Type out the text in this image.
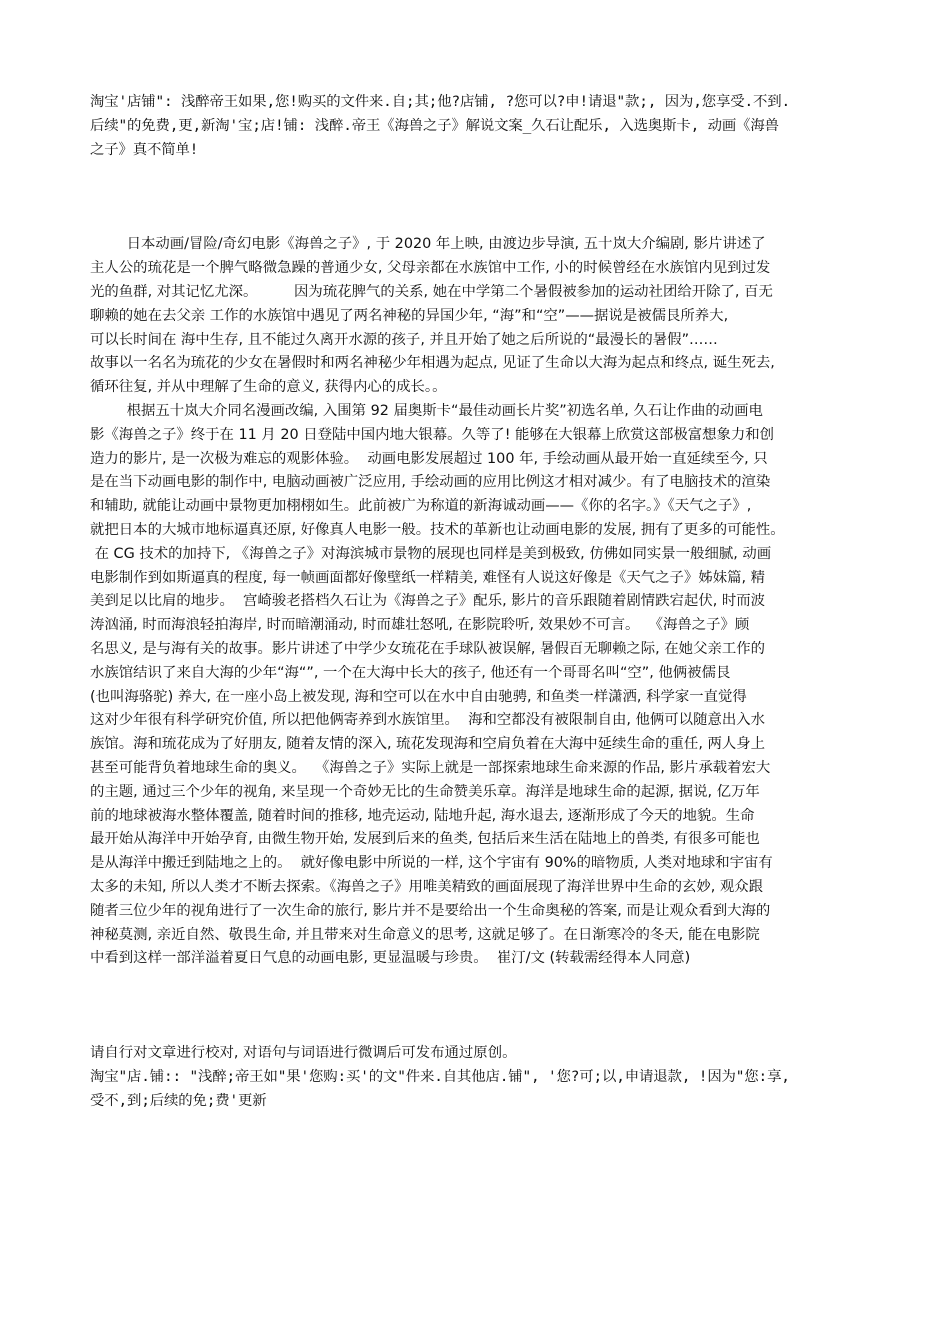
淘宝'店铺": 浅醉帝王如果,您!购买的文件来.自;其;他?店铺, ?您可以?申!请退"款;, 因为,您享受.不到.
后续"的免费,更,新淘'宝;店!铺: 浅醉.帝王《海兽之子》解说文案_久石让配乐, 入选奥斯卡, 动画《海兽
之子》真不简单!
日本动画/冒险/奇幻电影《海兽之子》, 于 2020 年上映, 由渡边步导演, 五十岚大介编剧, 影片讲述了
主人公的琉花是一个脾气略微急躁的普通少女, 父母亲都在水族馆中工作, 小的时候曾经在水族馆内见到过发
光的鱼群, 对其记忆尤深。        因为琉花脾气的关系, 她在中学第二个暑假被参加的运动社团给开除了, 百无
聊赖的她在去父亲 工作的水族馆中遇见了两名神秘的异国少年, “海”和“空”——据说是被儒艮所养大,
可以长时间在 海中生存, 且不能过久离开水源的孩子, 并且开始了她之后所说的“最漫长的暑假”……
故事以一名名为琉花的少女在暑假时和两名神秘少年相遇为起点, 见证了生命以大海为起点和终点, 诞生死去,
循环往复, 并从中理解了生命的意义, 获得内心的成长。。
根据五十岚大介同名漫画改编, 入围第 92 届奥斯卡“最佳动画长片奖”初选名单, 久石让作曲的动画电
影《海兽之子》终于在 11 月 20 日登陆中国内地大银幕。久等了! 能够在大银幕上欣赏这部极富想象力和创
造力的影片, 是一次极为难忘的观影体验。  动画电影发展超过 100 年, 手绘动画从最开始一直延续至今, 只
是在当下动画电影的制作中, 电脑动画被广泛应用, 手绘动画的应用比例这才相对减少。有了电脑技术的渲染
和辅助, 就能让动画中景物更加栩栩如生。此前被广为称道的新海诚动画——《你的名字。》《天气之子》,
就把日本的大城市地标逼真还原, 好像真人电影一般。技术的革新也让动画电影的发展, 拥有了更多的可能性。
在 CG 技术的加持下, 《海兽之子》对海滨城市景物的展现也同样是美到极致, 仿佛如同实景一般细腻, 动画
电影制作到如斯逼真的程度, 每一帧画面都好像壁纸一样精美, 难怪有人说这好像是《天气之子》姊妹篇, 精
美到足以比肩的地步。  宫崎骏老搭档久石让为《海兽之子》配乐, 影片的音乐跟随着剧情跌宕起伏, 时而波
涛汹涌, 时而海浪轻拍海岸, 时而暗潮涌动, 时而雄壮怒吼, 在影院聆听, 效果妙不可言。  《海兽之子》顾
名思义, 是与海有关的故事。影片讲述了中学少女琉花在手球队被误解, 暑假百无聊赖之际, 在她父亲工作的
水族馆结识了来自大海的少年“海“”, 一个在大海中长大的孩子, 他还有一个哥哥名叫“空”, 他俩被儒艮
(也叫海骆驼) 养大, 在一座小岛上被发现, 海和空可以在水中自由驰骋, 和鱼类一样潇洒, 科学家一直觉得
这对少年很有科学研究价值, 所以把他俩寄养到水族馆里。  海和空都没有被限制自由, 他俩可以随意出入水
族馆。海和琉花成为了好朋友, 随着友情的深入, 琉花发现海和空肩负着在大海中延续生命的重任, 两人身上
甚至可能背负着地球生命的奥义。  《海兽之子》实际上就是一部探索地球生命来源的作品, 影片承载着宏大
的主题, 通过三个少年的视角, 来呈现一个奇妙无比的生命赞美乐章。海洋是地球生命的起源, 据说, 亿万年
前的地球被海水整体覆盖, 随着时间的推移, 地壳运动, 陆地升起, 海水退去, 逐渐形成了今天的地貌。生命
最开始从海洋中开始孕育, 由微生物开始, 发展到后来的鱼类, 包括后来生活在陆地上的兽类, 有很多可能也
是从海洋中搬迁到陆地之上的。  就好像电影中所说的一样, 这个宇宙有 90%的暗物质, 人类对地球和宇宙有
太多的未知, 所以人类才不断去探索。《海兽之子》用唯美精致的画面展现了海洋世界中生命的玄妙, 观众跟
随者三位少年的视角进行了一次生命的旅行, 影片并不是要给出一个生命奥秘的答案, 而是让观众看到大海的
神秘莫测, 亲近自然、敬畏生命, 并且带来对生命意义的思考, 这就足够了。在日渐寒冷的冬天, 能在电影院
中看到这样一部洋溢着夏日气息的动画电影, 更显温暖与珍贵。  崔汀/文 (转载需经得本人同意)
请自行对文章进行校对, 对语句与词语进行微调后可发布通过原创。
淘宝"店.铺:: "浅醉;帝王如"果'您购:买'的文"件来.自其他店.铺", '您?可;以,申请退款, !因为"您:享,
受不,到;后续的免;费'更新
